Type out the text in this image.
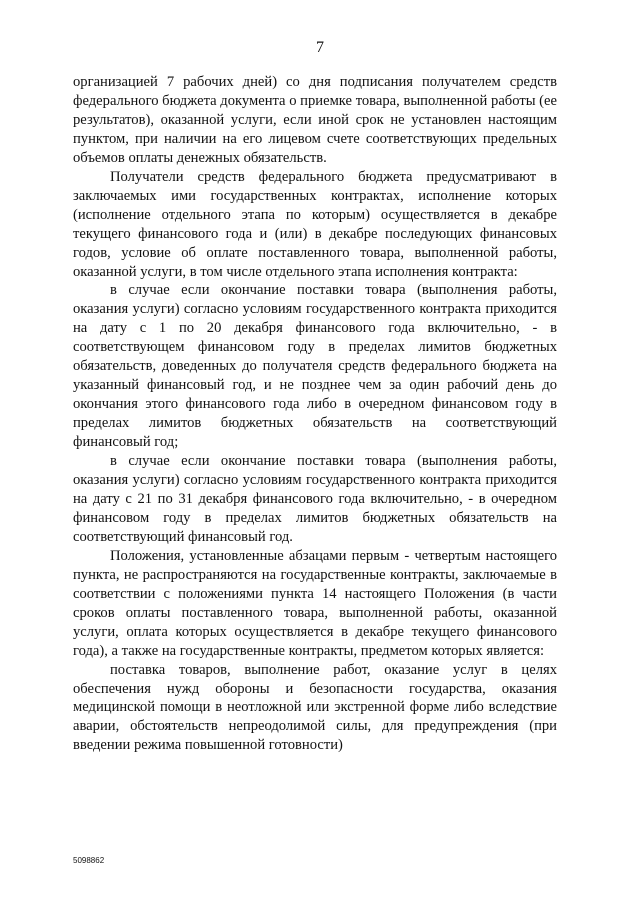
7

организацией 7 рабочих дней) со дня подписания получателем средств федерального бюджета документа о приемке товара, выполненной работы (ее результатов), оказанной услуги, если иной срок не установлен настоящим пунктом, при наличии на его лицевом счете соответствующих предельных объемов оплаты денежных обязательств.

Получатели средств федерального бюджета предусматривают в заключаемых ими государственных контрактах, исполнение которых (исполнение отдельного этапа по которым) осуществляется в декабре текущего финансового года и (или) в декабре последующих финансовых годов, условие об оплате поставленного товара, выполненной работы, оказанной услуги, в том числе отдельного этапа исполнения контракта:

в случае если окончание поставки товара (выполнения работы, оказания услуги) согласно условиям государственного контракта приходится на дату с 1 по 20 декабря финансового года включительно, - в соответствующем финансовом году в пределах лимитов бюджетных обязательств, доведенных до получателя средств федерального бюджета на указанный финансовый год, и не позднее чем за один рабочий день до окончания этого финансового года либо в очередном финансовом году в пределах лимитов бюджетных обязательств на соответствующий финансовый год;

в случае если окончание поставки товара (выполнения работы, оказания услуги) согласно условиям государственного контракта приходится на дату с 21 по 31 декабря финансового года включительно, - в очередном финансовом году в пределах лимитов бюджетных обязательств на соответствующий финансовый год.

Положения, установленные абзацами первым - четвертым настоящего пункта, не распространяются на государственные контракты, заключаемые в соответствии с положениями пункта 14 настоящего Положения (в части сроков оплаты поставленного товара, выполненной работы, оказанной услуги, оплата которых осуществляется в декабре текущего финансового года), а также на государственные контракты, предметом которых является:

поставка товаров, выполнение работ, оказание услуг в целях обеспечения нужд обороны и безопасности государства, оказания медицинской помощи в неотложной или экстренной форме либо вследствие аварии, обстоятельств непреодолимой силы, для предупреждения (при введении режима повышенной готовности)

5098862
